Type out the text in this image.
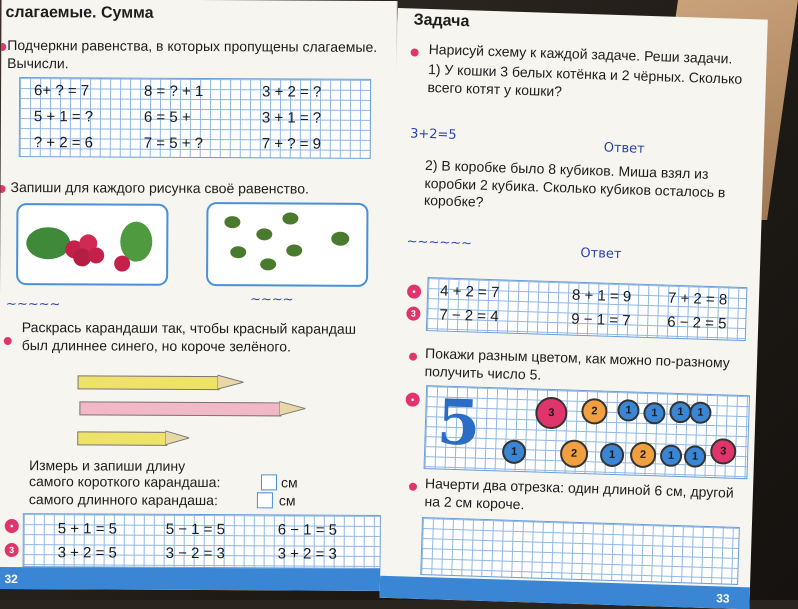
слагаемые. Сумма
Подчеркни равенства, в которых пропущены слагаемые. Вычисли.
6+ ? = 7	8 = ? + 1	3 + 2 = ?
5 + 1 = ?	6 = 5 +	3 + 1 = ?
? + 2 = 6	7 = 5 + ?	7 + ? = 9
Запиши для каждого рисунка своё равенство.
~~~~~	~~~~
Раскрась карандаши так, чтобы красный карандаш был длиннее синего, но короче зелёного.
Измерь и запиши длину
самого короткого карандаша:	см
самого длинного карандаша:	см
•
3
5 + 1 = 5	5 − 1 = 5	6 − 1 = 5
3 + 2 = 5	3 − 2 = 3	3 + 2 = 3
32
Задача
Нарисуй схему к каждой задаче. Реши задачи.
1) У кошки 3 белых котёнка и 2 чёрных. Сколько всего котят у кошки?
3+2=5
Ответ
2) В коробке было 8 кубиков. Миша взял из коробки 2 кубика. Сколько кубиков осталось в коробке?
~~~~~~
Ответ
•
3
4 + 2 = 7	8 + 1 = 9 7 + 2 = 8
7 − 2 = 4	9 − 1 = 7 6 − 2 = 5
Покажи разным цветом, как можно по-разному получить число 5.
• 5
Начерти два отрезка: один длиной 6 см, другой на 2 см короче.
33
3	2	1	1	1	1
1	2	1	2	1	1	3
